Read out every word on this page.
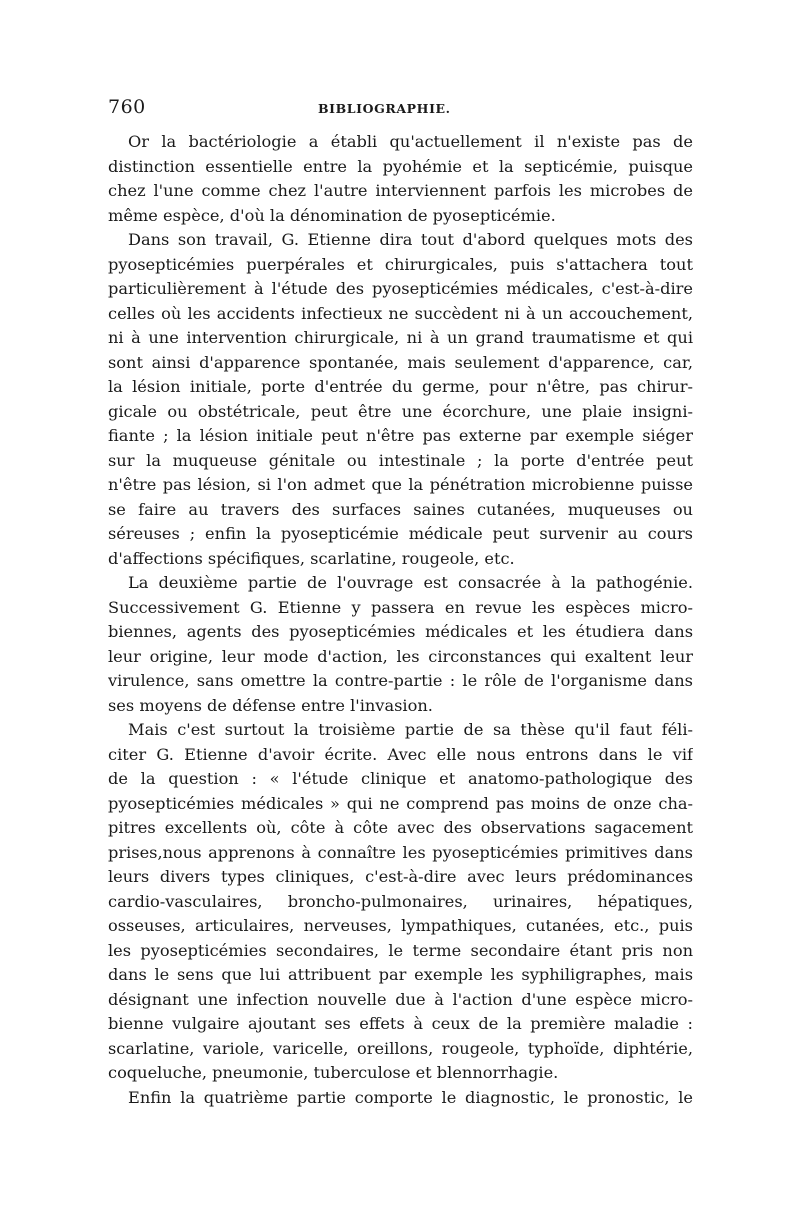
760	BIBLIOGRAPHIE.
Or la bactériologie a établi qu'actuellement il n'existe pas de
distinction essentielle entre la pyohémie et la septicémie, puisque
chez l'une comme chez l'autre interviennent parfois les microbes de
même espèce, d'où la dénomination de pyosepticémie.
Dans son travail, G. Etienne dira tout d'abord quelques mots des
pyosepticémies puerpérales et chirurgicales, puis s'attachera tout
particulièrement à l'étude des pyosepticémies médicales, c'est-à-dire
celles où les accidents infectieux ne succèdent ni à un accouchement,
ni à une intervention chirurgicale, ni à un grand traumatisme et qui
sont ainsi d'apparence spontanée, mais seulement d'apparence, car,
la lésion initiale, porte d'entrée du germe, pour n'être, pas chirur-
gicale ou obstétricale, peut être une écorchure, une plaie insigni-
fiante ; la lésion initiale peut n'être pas externe par exemple siéger
sur la muqueuse génitale ou intestinale ; la porte d'entrée peut
n'être pas lésion, si l'on admet que la pénétration microbienne puisse
se faire au travers des surfaces saines cutanées, muqueuses ou
séreuses ; enfin la pyosepticémie médicale peut survenir au cours
d'affections spécifiques, scarlatine, rougeole, etc.
La deuxième partie de l'ouvrage est consacrée à la pathogénie.
Successivement G. Etienne y passera en revue les espèces micro-
biennes, agents des pyosepticémies médicales et les étudiera dans
leur origine, leur mode d'action, les circonstances qui exaltent leur
virulence, sans omettre la contre-partie : le rôle de l'organisme dans
ses moyens de défense entre l'invasion.
Mais c'est surtout la troisième partie de sa thèse qu'il faut féli-
citer G. Etienne d'avoir écrite. Avec elle nous entrons dans le vif
de la question : « l'étude clinique et anatomo-pathologique des
pyosepticémies médicales » qui ne comprend pas moins de onze cha-
pitres excellents où, côte à côte avec des observations sagacement
prises,nous apprenons à connaître les pyosepticémies primitives dans
leurs divers types cliniques, c'est-à-dire avec leurs prédominances
cardio-vasculaires, broncho-pulmonaires, urinaires, hépatiques,
osseuses, articulaires, nerveuses, lympathiques, cutanées, etc., puis
les pyosepticémies secondaires, le terme secondaire étant pris non
dans le sens que lui attribuent par exemple les syphiligraphes, mais
désignant une infection nouvelle due à l'action d'une espèce micro-
bienne vulgaire ajoutant ses effets à ceux de la première maladie :
scarlatine, variole, varicelle, oreillons, rougeole, typhoïde, diphtérie,
coqueluche, pneumonie, tuberculose et blennorrhagie.
Enfin la quatrième partie comporte le diagnostic, le pronostic, le
